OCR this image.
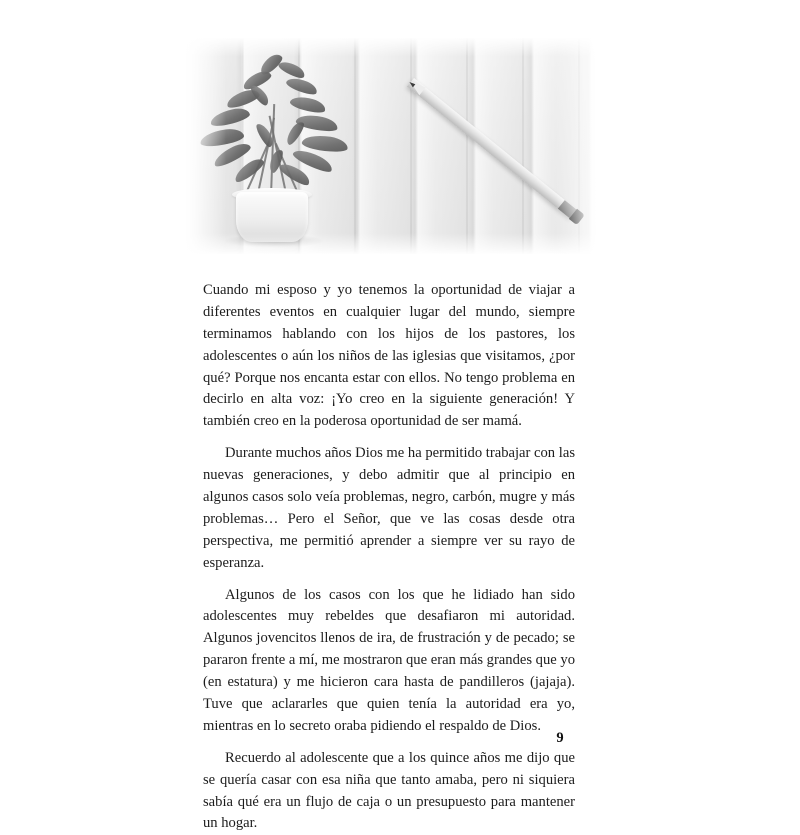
Cuando mi esposo y yo tenemos la oportunidad de viajar a diferentes eventos en cualquier lugar del mundo, siempre terminamos hablando con los hijos de los pastores, los adolescentes o aún los niños de las iglesias que visitamos, ¿por qué? Porque nos encanta estar con ellos. No tengo problema en decirlo en alta voz: ¡Yo creo en la siguiente generación! Y también creo en la poderosa oportunidad de ser mamá.

Durante muchos años Dios me ha permitido trabajar con las nuevas generaciones, y debo admitir que al principio en algunos casos solo veía problemas, negro, carbón, mugre y más problemas… Pero el Señor, que ve las cosas desde otra perspectiva, me permitió aprender a siempre ver su rayo de esperanza.

Algunos de los casos con los que he lidiado han sido adolescentes muy rebeldes que desafiaron mi autoridad. Algunos jovencitos llenos de ira, de frustración y de pecado; se pararon frente a mí, me mostraron que eran más grandes que yo (en estatura) y me hicieron cara hasta de pandilleros (jajaja). Tuve que aclararles que quien tenía la autoridad era yo, mientras en lo secreto oraba pidiendo el respaldo de Dios.

Recuerdo al adolescente que a los quince años me dijo que se quería casar con esa niña que tanto amaba, pero ni siquiera sabía qué era un flujo de caja o un presupuesto para mantener un hogar.

9
